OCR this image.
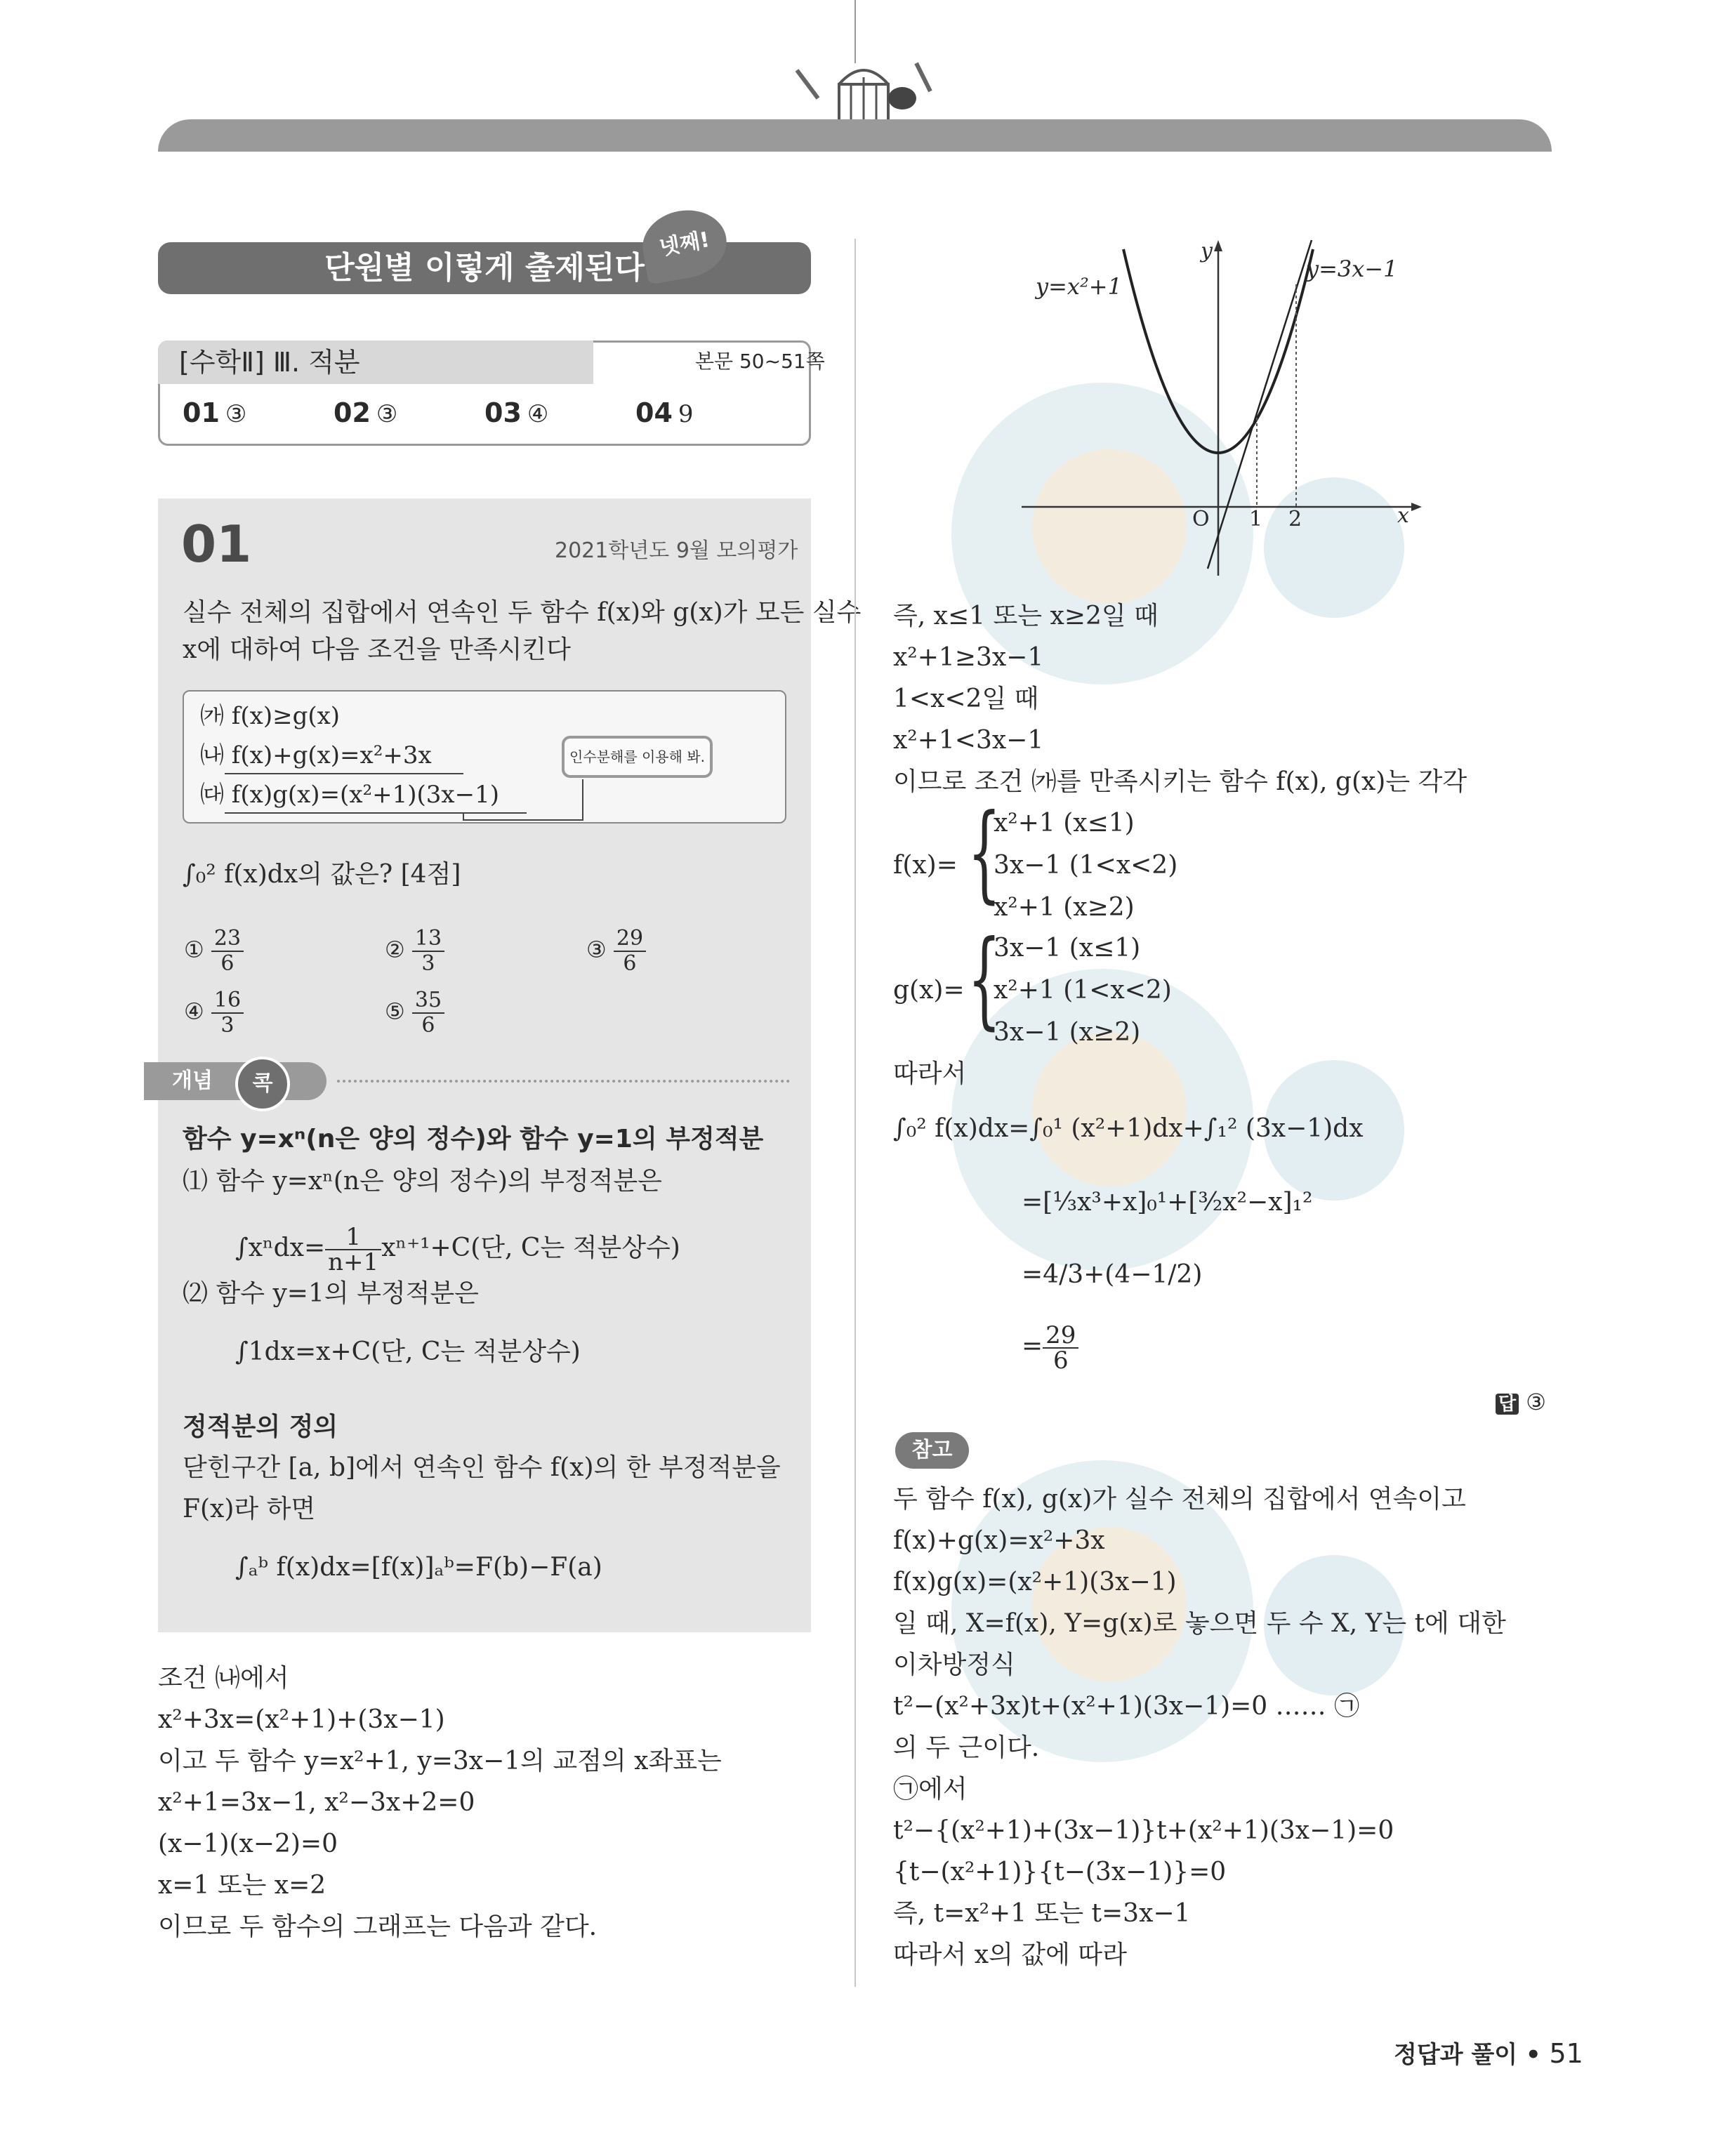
단원별 이렇게 출제된다
넷째!
[수학Ⅱ] Ⅲ. 적분	본문 50~51쪽
01 ③	02 ③	03 ④	04 9
01	2021학년도 9월 모의평가
실수 전체의 집합에서 연속인 두 함수 f(x)와 g(x)가 모든 실수
x에 대하여 다음 조건을 만족시킨다
㈎ f(x)≥g(x)
㈏ f(x)+g(x)=x²+3x
㈐ f(x)g(x)=(x²+1)(3x−1)
인수분해를 이용해 봐.
∫₀² f(x)dx의 값은? [4점]
① $\frac{23}{6}$	② $\frac{13}{3}$	③ $\frac{29}{6}$
④ $\frac{16}{3}$	⑤ $\frac{35}{6}$
개념	콕
함수 y=xⁿ(n은 양의 정수)와 함수 y=1의 부정적분
⑴ 함수 y=xⁿ(n은 양의 정수)의 부정적분은
$\int x^ndx= \frac{1}{n+1} x^{n+1}+C$(단, C는 적분상수)
⑵ 함수 y=1의 부정적분은
∫1dx=x+C(단, C는 적분상수)
정적분의 정의
닫힌구간 [a, b]에서 연속인 함수 f(x)의 한 부정적분을
F(x)라 하면
∫ₐᵇ f(x)dx=[f(x)]ₐᵇ=F(b)−F(a)
조건 ㈏에서
x²+3x=(x²+1)+(3x−1)
이고 두 함수 y=x²+1, y=3x−1의 교점의 x좌표는
x²+1=3x−1, x²−3x+2=0
(x−1)(x−2)=0
x=1 또는 x=2
이므로 두 함수의 그래프는 다음과 같다.
y=x²+1
y=3x−1
y
x
O 1 2
즉, x≤1 또는 x≥2일 때
x²+1≥3x−1
1<x<2일 때
x²+1<3x−1
이므로 조건 ㈎를 만족시키는 함수 f(x), g(x)는 각각
f(x)= {
x²+1 (x≤1)
3x−1 (1<x<2)
x²+1 (x≥2)
g(x)= {
3x−1 (x≤1)
x²+1 (1<x<2)
3x−1 (x≥2)
따라서
∫₀² f(x)dx=∫₀¹ (x²+1)dx+∫₁² (3x−1)dx
=[⅓x³+x]₀¹+[³⁄₂x²−x]₁²
=4/3+(4−1/2)
= $\frac{29}{6}$
답 ③
참고
두 함수 f(x), g(x)가 실수 전체의 집합에서 연속이고
f(x)+g(x)=x²+3x
f(x)g(x)=(x²+1)(3x−1)
일 때, X=f(x), Y=g(x)로 놓으면 두 수 X, Y는 t에 대한
이차방정식
t²−(x²+3x)t+(x²+1)(3x−1)=0 …… ㉠
의 두 근이다.
㉠에서
t²−{(x²+1)+(3x−1)}t+(x²+1)(3x−1)=0
{t−(x²+1)}{t−(3x−1)}=0
즉, t=x²+1 또는 t=3x−1
따라서 x의 값에 따라
정답과 풀이 • 51
